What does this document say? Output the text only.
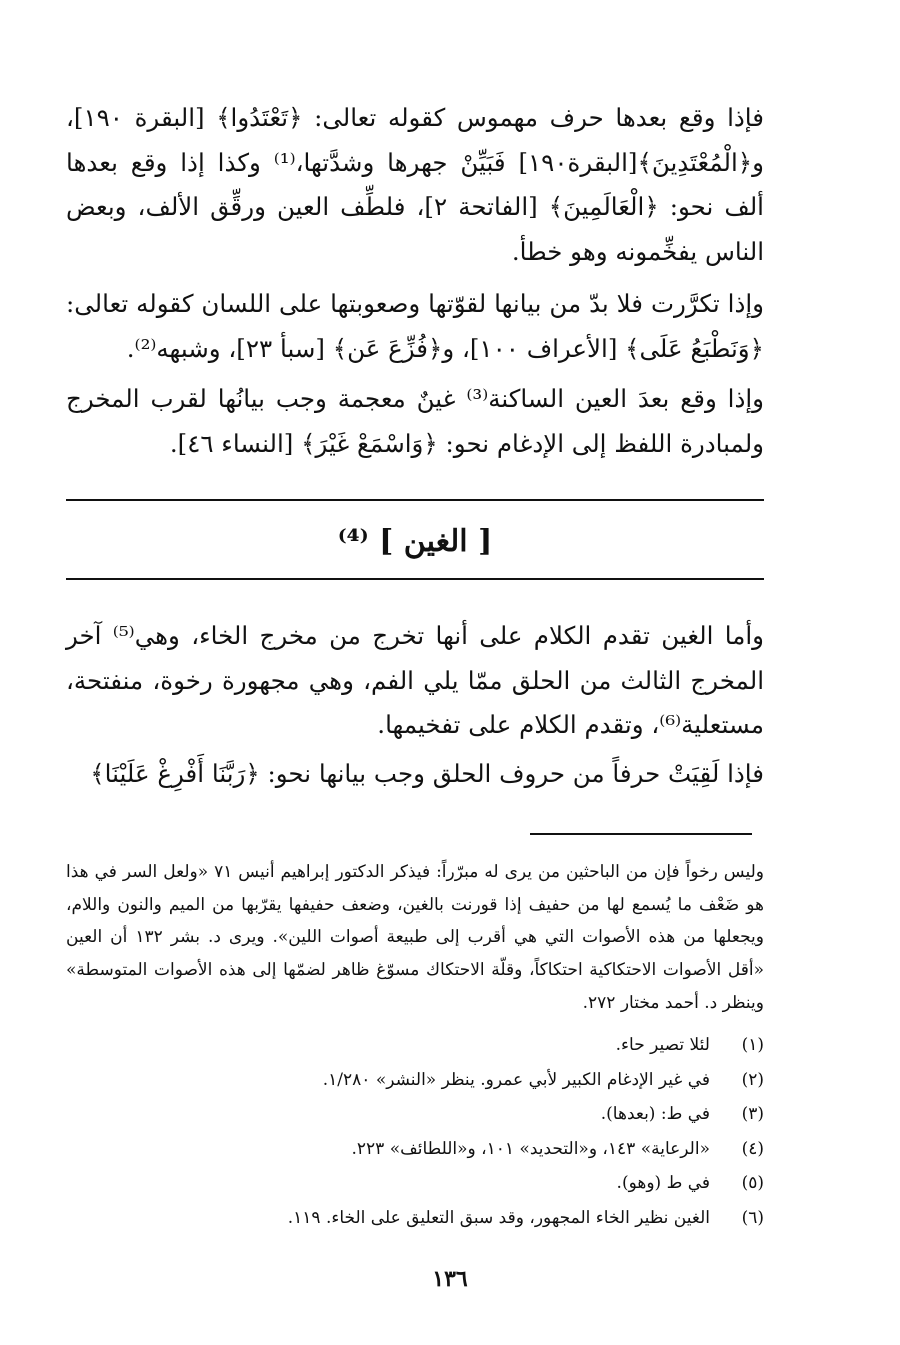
فإذا وقع بعدها حرف مهموس كقوله تعالى: ﴿تَعْتَدُوا﴾ [البقرة ١٩٠]، و﴿الْمُعْتَدِينَ﴾[البقرة١٩٠] فَبَيِّنْ جهرها وشدَّتها،⁽¹⁾ وكذا إذا وقع بعدها ألف نحو: ﴿الْعَالَمِينَ﴾ [الفاتحة ٢]، فلطِّف العين ورقِّق الألف، وبعض الناس يفخِّمونه وهو خطأ.
وإذا تكرَّرت فلا بدّ من بيانها لقوّتها وصعوبتها على اللسان كقوله تعالى: ﴿وَنَطْبَعُ عَلَى﴾ [الأعراف ١٠٠]، و﴿فُزِّعَ عَن﴾ [سبأ ٢٣]، وشبهه⁽²⁾.
وإذا وقع بعدَ العين الساكنة⁽³⁾ غينٌ معجمة وجب بيانُها لقرب المخرج ولمبادرة اللفظ إلى الإدغام نحو: ﴿وَاسْمَعْ غَيْرَ﴾ [النساء ٤٦].
[ الغين ] ⁽⁴⁾
وأما الغين تقدم الكلام على أنها تخرج من مخرج الخاء، وهي⁽⁵⁾ آخر المخرج الثالث من الحلق ممّا يلي الفم، وهي مجهورة رخوة، منفتحة، مستعلية⁽⁶⁾، وتقدم الكلام على تفخيمها.
فإذا لَقِيَتْ حرفاً من حروف الحلق وجب بيانها نحو: ﴿رَبَّنَا أَفْرِغْ عَلَيْنَا﴾
وليس رخواً فإن من الباحثين من يرى له مبرّراً: فيذكر الدكتور إبراهيم أنيس ٧١ «ولعل السر في هذا هو ضَعْف ما يُسمع لها من حفيف إذا قورنت بالغين، وضعف حفيفها يقرّبها من الميم والنون واللام، ويجعلها من هذه الأصوات التي هي أقرب إلى طبيعة أصوات اللين». ويرى د. بشر ١٣٢ أن العين «أقل الأصوات الاحتكاكية احتكاكاً، وقلّة الاحتكاك مسوّغ ظاهر لضمّها إلى هذه الأصوات المتوسطة» وينظر د. أحمد مختار ٢٧٢.
(١)
لئلا تصير حاء.
(٢)
في غير الإدغام الكبير لأبي عمرو. ينظر «النشر» ١/٢٨٠.
(٣)
في ط: (بعدها).
(٤)
«الرعاية» ١٤٣، و«التحديد» ١٠١، و«اللطائف» ٢٢٣.
(٥)
في ط (وهو).
(٦)
الغين نظير الخاء المجهور، وقد سبق التعليق على الخاء. ١١٩.
١٣٦
